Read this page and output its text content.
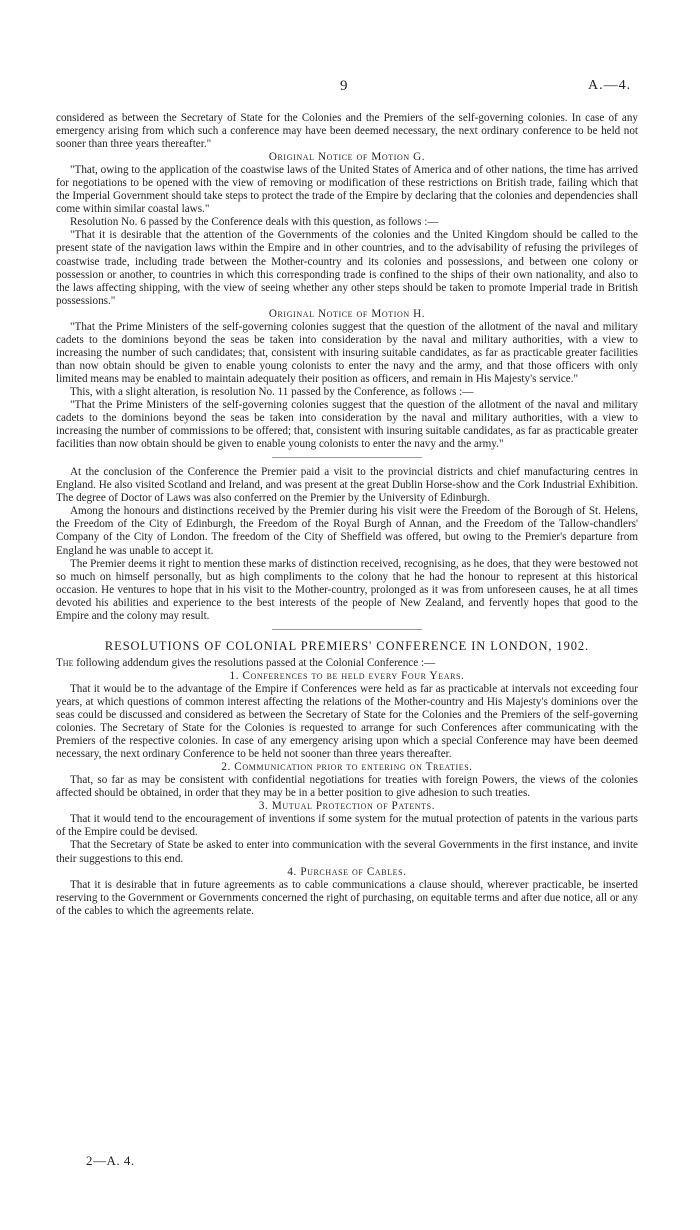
9	A.—4.

considered as between the Secretary of State for the Colonies and the Premiers of the self-governing colonies. In case of any emergency arising from which such a conference may have been deemed necessary, the next ordinary conference to be held not sooner than three years thereafter."

Original Notice of Motion G.

"That, owing to the application of the coastwise laws of the United States of America and of other nations, the time has arrived for negotiations to be opened with the view of removing or modification of these restrictions on British trade, failing which that the Imperial Government should take steps to protect the trade of the Empire by declaring that the colonies and dependencies shall come within similar coastal laws."

Resolution No. 6 passed by the Conference deals with this question, as follows :—

"That it is desirable that the attention of the Governments of the colonies and the United Kingdom should be called to the present state of the navigation laws within the Empire and in other countries, and to the advisability of refusing the privileges of coastwise trade, including trade between the Mother-country and its colonies and possessions, and between one colony or possession or another, to countries in which this corresponding trade is confined to the ships of their own nationality, and also to the laws affecting shipping, with the view of seeing whether any other steps should be taken to promote Imperial trade in British possessions."

Original Notice of Motion H.

"That the Prime Ministers of the self-governing colonies suggest that the question of the allotment of the naval and military cadets to the dominions beyond the seas be taken into consideration by the naval and military authorities, with a view to increasing the number of such candidates; that, consistent with insuring suitable candidates, as far as practicable greater facilities than now obtain should be given to enable young colonists to enter the navy and the army, and that those officers with only limited means may be enabled to maintain adequately their position as officers, and remain in His Majesty's service."

This, with a slight alteration, is resolution No. 11 passed by the Conference, as follows :—

"That the Prime Ministers of the self-governing colonies suggest that the question of the allotment of the naval and military cadets to the dominions beyond the seas be taken into consideration by the naval and military authorities, with a view to increasing the number of commissions to be offered; that, consistent with insuring suitable candidates, as far as practicable greater facilities than now obtain should be given to enable young colonists to enter the navy and the army."

At the conclusion of the Conference the Premier paid a visit to the provincial districts and chief manufacturing centres in England. He also visited Scotland and Ireland, and was present at the great Dublin Horse-show and the Cork Industrial Exhibition. The degree of Doctor of Laws was also conferred on the Premier by the University of Edinburgh.

Among the honours and distinctions received by the Premier during his visit were the Freedom of the Borough of St. Helens, the Freedom of the City of Edinburgh, the Freedom of the Royal Burgh of Annan, and the Freedom of the Tallow-chandlers' Company of the City of London. The freedom of the City of Sheffield was offered, but owing to the Premier's departure from England he was unable to accept it.

The Premier deems it right to mention these marks of distinction received, recognising, as he does, that they were bestowed not so much on himself personally, but as high compliments to the colony that he had the honour to represent at this historical occasion. He ventures to hope that in his visit to the Mother-country, prolonged as it was from unforeseen causes, he at all times devoted his abilities and experience to the best interests of the people of New Zealand, and fervently hopes that good to the Empire and the colony may result.

RESOLUTIONS OF COLONIAL PREMIERS' CONFERENCE IN LONDON, 1902.

The following addendum gives the resolutions passed at the Colonial Conference :—

1. Conferences to be held every Four Years.

That it would be to the advantage of the Empire if Conferences were held as far as practicable at intervals not exceeding four years, at which questions of common interest affecting the relations of the Mother-country and His Majesty's dominions over the seas could be discussed and considered as between the Secretary of State for the Colonies and the Premiers of the self-governing colonies. The Secretary of State for the Colonies is requested to arrange for such Conferences after communicating with the Premiers of the respective colonies. In case of any emergency arising upon which a special Conference may have been deemed necessary, the next ordinary Conference to be held not sooner than three years thereafter.

2. Communication prior to entering on Treaties.

That, so far as may be consistent with confidential negotiations for treaties with foreign Powers, the views of the colonies affected should be obtained, in order that they may be in a better position to give adhesion to such treaties.

3. Mutual Protection of Patents.

That it would tend to the encouragement of inventions if some system for the mutual protection of patents in the various parts of the Empire could be devised.

That the Secretary of State be asked to enter into communication with the several Governments in the first instance, and invite their suggestions to this end.

4. Purchase of Cables.

That it is desirable that in future agreements as to cable communications a clause should, wherever practicable, be inserted reserving to the Government or Governments concerned the right of purchasing, on equitable terms and after due notice, all or any of the cables to which the agreements relate.

2—A. 4.
